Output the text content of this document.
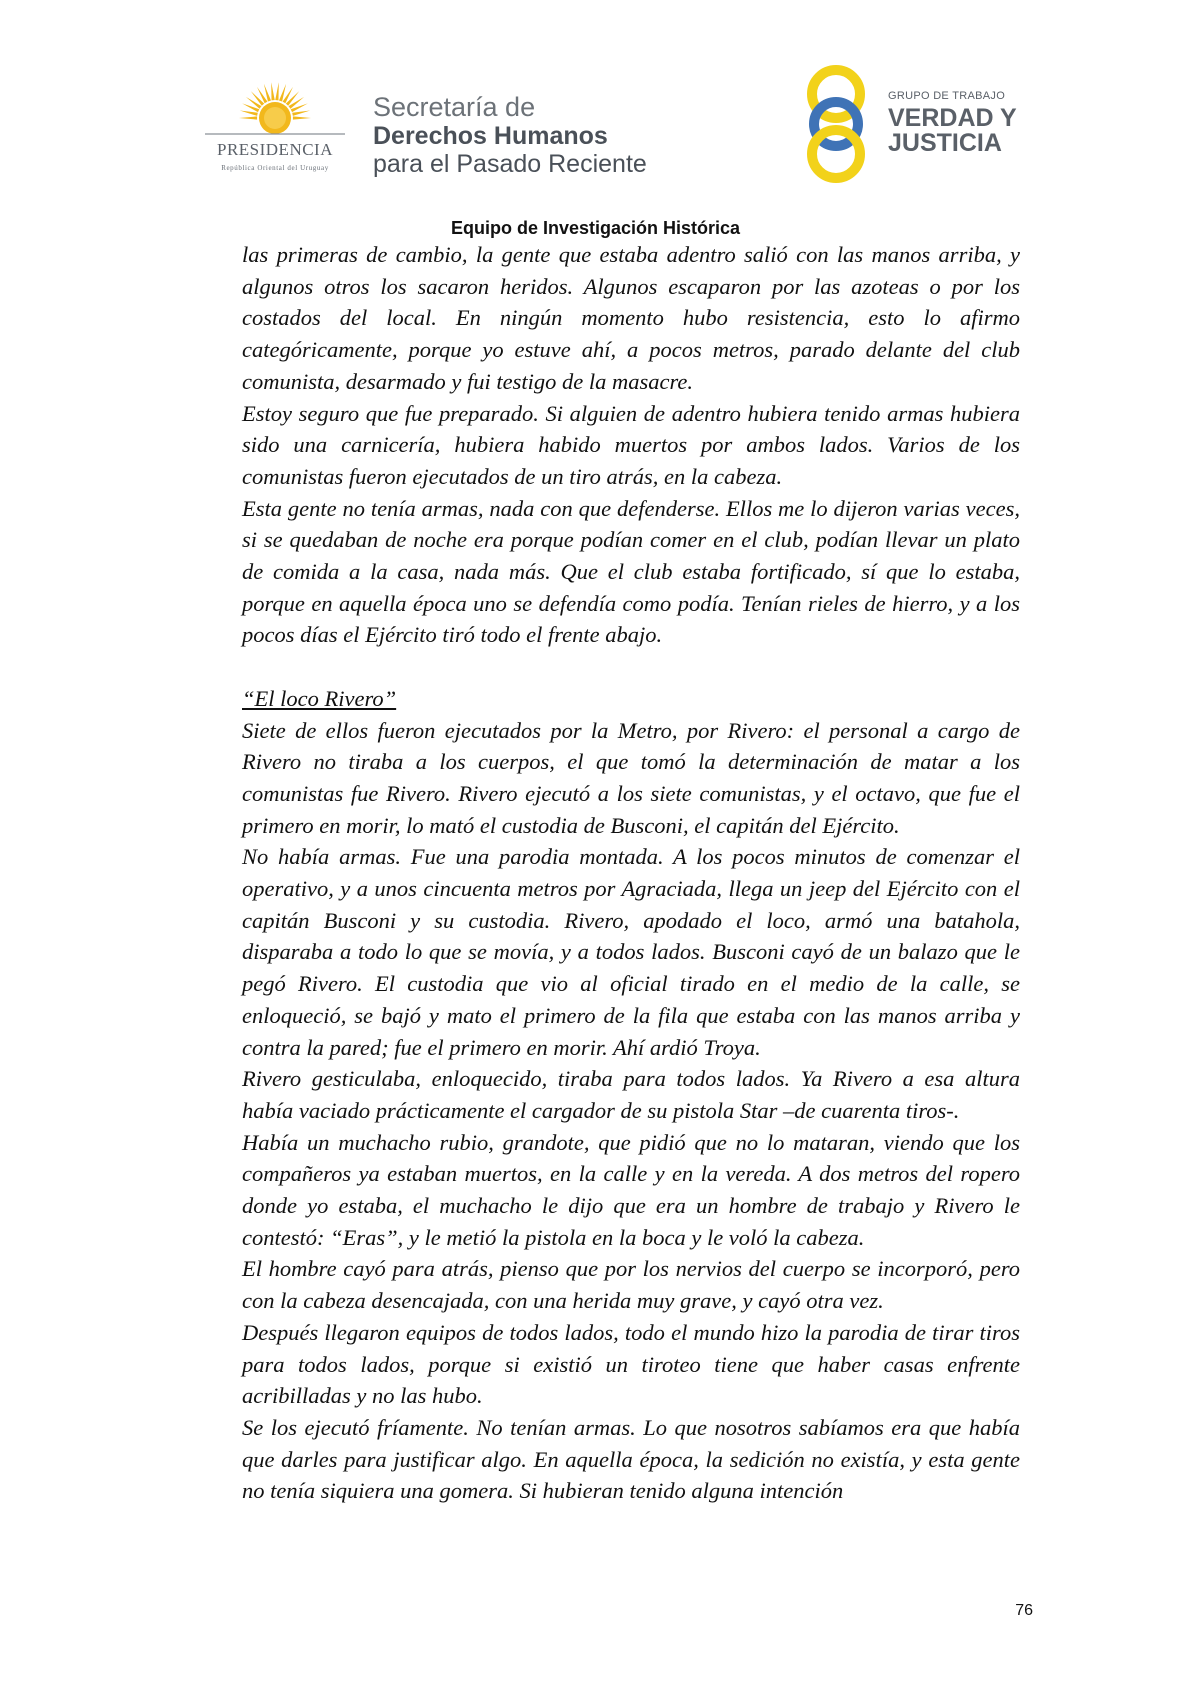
PRESIDENCIA
República Oriental del Uruguay
Secretaría de
Derechos Humanos
para el Pasado Reciente
GRUPO DE TRABAJO
VERDAD Y
JUSTICIA
Equipo de Investigación Histórica

las primeras de cambio, la gente que estaba adentro salió con las manos arriba, y algunos otros los sacaron heridos. Algunos escaparon por las azoteas o por los costados del local. En ningún momento hubo resistencia, esto lo afirmo categóricamente, porque yo estuve ahí, a pocos metros, parado delante del club comunista, desarmado y fui testigo de la masacre.

Estoy seguro que fue preparado. Si alguien de adentro hubiera tenido armas hubiera sido una carnicería, hubiera habido muertos por ambos lados. Varios de los comunistas fueron ejecutados de un tiro atrás, en la cabeza.

Esta gente no tenía armas, nada con que defenderse. Ellos me lo dijeron varias veces, si se quedaban de noche era porque podían comer en el club, podían llevar un plato de comida a la casa, nada más. Que el club estaba fortificado, sí que lo estaba, porque en aquella época uno se defendía como podía. Tenían rieles de hierro, y a los pocos días el Ejército tiró todo el frente abajo.

“El loco Rivero”

Siete de ellos fueron ejecutados por la Metro, por Rivero: el personal a cargo de Rivero no tiraba a los cuerpos, el que tomó la determinación de matar a los comunistas fue Rivero. Rivero ejecutó a los siete comunistas, y el octavo, que fue el primero en morir, lo mató el custodia de Busconi, el capitán del Ejército.

No había armas. Fue una parodia montada. A los pocos minutos de comenzar el operativo, y a unos cincuenta metros por Agraciada, llega un jeep del Ejército con el capitán Busconi y su custodia. Rivero, apodado el loco, armó una batahola, disparaba a todo lo que se movía, y a todos lados. Busconi cayó de un balazo que le pegó Rivero. El custodia que vio al oficial tirado en el medio de la calle, se enloqueció, se bajó y mato el primero de la fila que estaba con las manos arriba y contra la pared; fue el primero en morir. Ahí ardió Troya.

Rivero gesticulaba, enloquecido, tiraba para todos lados. Ya Rivero a esa altura había vaciado prácticamente el cargador de su pistola Star –de cuarenta tiros-.

Había un muchacho rubio, grandote, que pidió que no lo mataran, viendo que los compañeros ya estaban muertos, en la calle y en la vereda. A dos metros del ropero donde yo estaba, el muchacho le dijo que era un hombre de trabajo y Rivero le contestó: “Eras”, y le metió la pistola en la boca y le voló la cabeza.

El hombre cayó para atrás, pienso que por los nervios del cuerpo se incorporó, pero con la cabeza desencajada, con una herida muy grave, y cayó otra vez.

Después llegaron equipos de todos lados, todo el mundo hizo la parodia de tirar tiros para todos lados, porque si existió un tiroteo tiene que haber casas enfrente acribilladas y no las hubo.

Se los ejecutó fríamente. No tenían armas. Lo que nosotros sabíamos era que había que darles para justificar algo. En aquella época, la sedición no existía, y esta gente no tenía siquiera una gomera. Si hubieran tenido alguna intención

76
